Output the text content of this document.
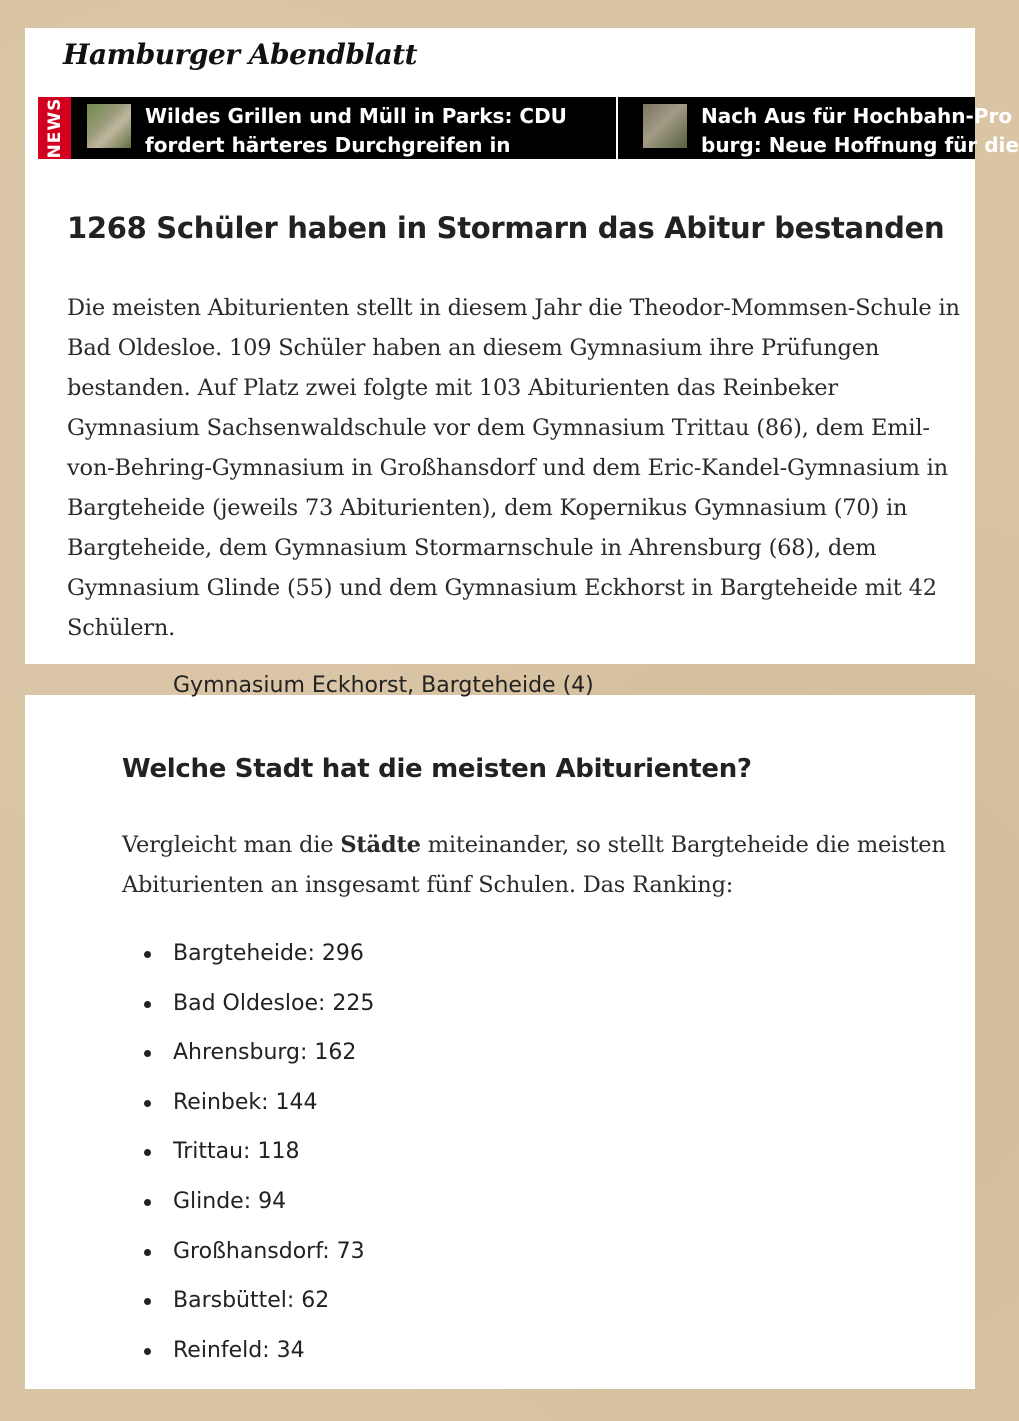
Hamburger Abendblatt
NEWS	Wildes Grillen und Müll in Parks: CDU fordert härteres Durchgreifen in Hamburg
Nach Aus für Hochbahn-Pro
burg: Neue Hoffnung für die
1268 Schüler haben in Stormarn das Abitur bestanden

Die meisten Abiturienten stellt in diesem Jahr die Theodor-Mommsen-Schule in Bad Oldesloe. 109 Schüler haben an diesem Gymnasium ihre Prüfungen bestanden. Auf Platz zwei folgte mit 103 Abiturienten das Reinbeker Gymnasium Sachsenwaldschule vor dem Gymnasium Trittau (86), dem Emil-von-Behring-Gymnasium in Großhansdorf und dem Eric-Kandel-Gymnasium in Bargteheide (jeweils 73 Abiturienten), dem Kopernikus Gymnasium (70) in Bargteheide, dem Gymnasium Stormarnschule in Ahrensburg (68), dem Gymnasium Glinde (55) und dem Gymnasium Eckhorst in Bargteheide mit 42 Schülern.

Gymnasium Eckhorst, Bargteheide (4)

Welche Stadt hat die meisten Abiturienten?

Vergleicht man die Städte miteinander, so stellt Bargteheide die meisten Abiturienten an insgesamt fünf Schulen. Das Ranking:

Bargteheide: 296
Bad Oldesloe: 225
Ahrensburg: 162
Reinbek: 144
Trittau: 118
Glinde: 94
Großhansdorf: 73
Barsbüttel: 62
Reinfeld: 34
